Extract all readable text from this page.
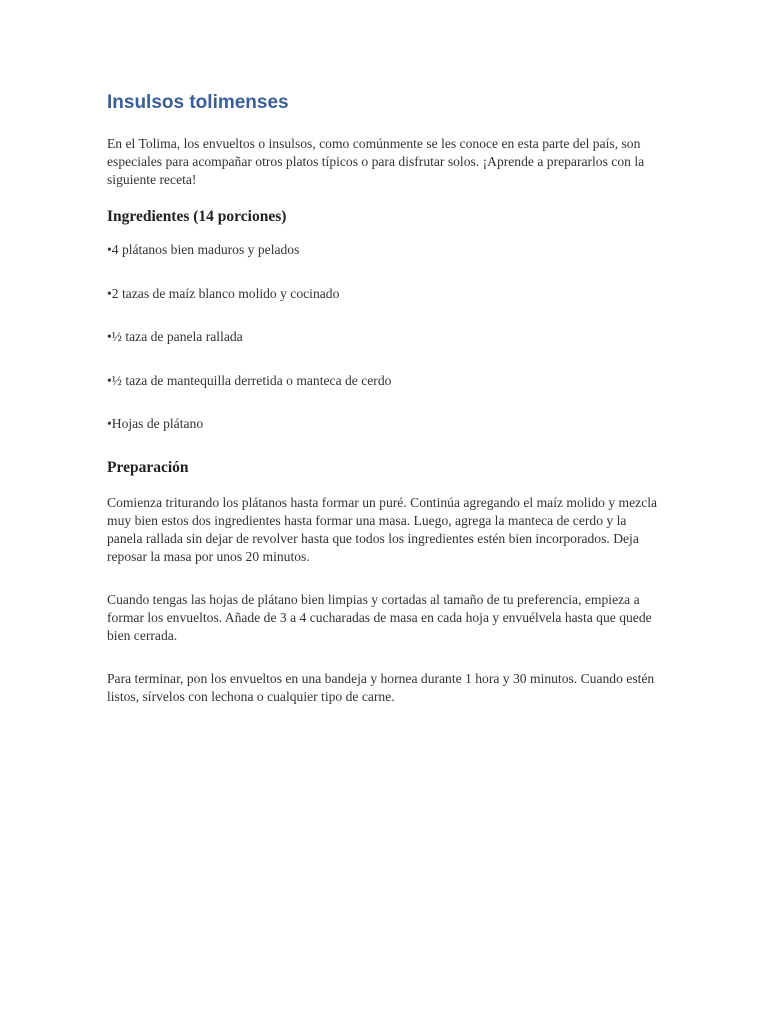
Insulsos tolimenses

En el Tolima, los envueltos o insulsos, como comúnmente se les conoce en esta parte del país, son especiales para acompañar otros platos típicos o para disfrutar solos. ¡Aprende a prepararlos con la siguiente receta!

Ingredientes (14 porciones)
•4 plátanos bien maduros y pelados
•2 tazas de maíz blanco molido y cocinado
•½ taza de panela rallada
•½ taza de mantequilla derretida o manteca de cerdo
•Hojas de plátano
Preparación

Comienza triturando los plátanos hasta formar un puré. Continúa agregando el maíz molido y mezcla muy bien estos dos ingredientes hasta formar una masa. Luego, agrega la manteca de cerdo y la panela rallada sin dejar de revolver hasta que todos los ingredientes estén bien incorporados. Deja reposar la masa por unos 20 minutos.

Cuando tengas las hojas de plátano bien limpias y cortadas al tamaño de tu preferencia, empieza a formar los envueltos. Añade de 3 a 4 cucharadas de masa en cada hoja y envuélvela hasta que quede bien cerrada.

Para terminar, pon los envueltos en una bandeja y hornea durante 1 hora y 30 minutos. Cuando estén listos, sírvelos con lechona o cualquier tipo de carne.
